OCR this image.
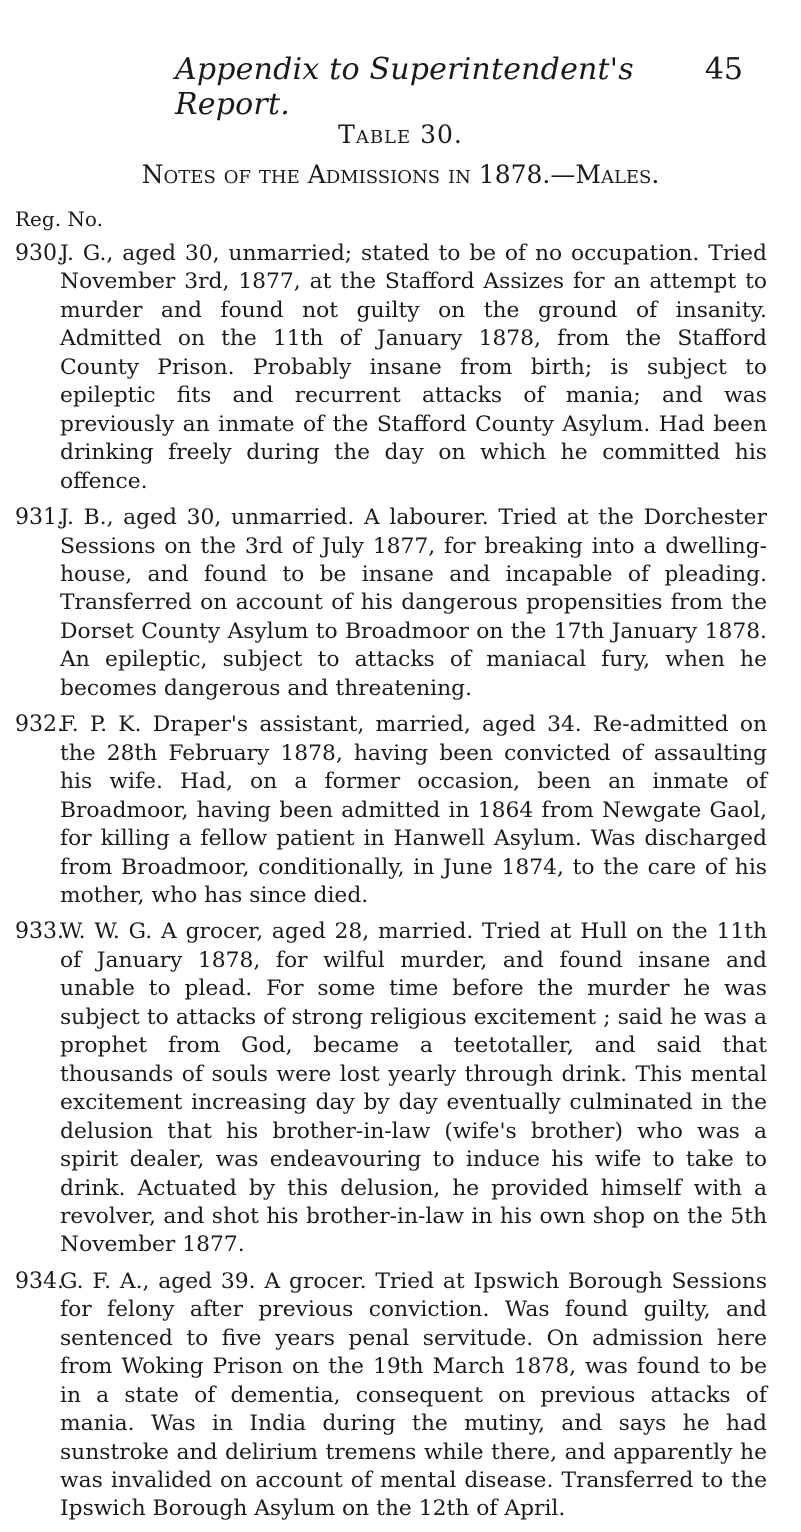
Appendix to Superintendent's Report.
45
Table 30.
Notes of the Admissions in 1878.—Males.
Reg. No.
930.
J. G., aged 30, unmarried; stated to be of no occupation. Tried November 3rd, 1877, at the Stafford Assizes for an attempt to murder and found not guilty on the ground of insanity. Admitted on the 11th of January 1878, from the Stafford County Prison. Probably insane from birth; is subject to epileptic fits and recurrent attacks of mania; and was previously an inmate of the Stafford County Asylum. Had been drinking freely during the day on which he committed his offence.
931.
J. B., aged 30, unmarried. A labourer. Tried at the Dorchester Sessions on the 3rd of July 1877, for breaking into a dwelling-house, and found to be insane and incapable of pleading. Transferred on account of his dangerous propensities from the Dorset County Asylum to Broadmoor on the 17th January 1878. An epileptic, subject to attacks of maniacal fury, when he becomes dangerous and threatening.
932.
F. P. K. Draper's assistant, married, aged 34. Re-admitted on the 28th February 1878, having been convicted of assaulting his wife. Had, on a former occasion, been an inmate of Broadmoor, having been admitted in 1864 from Newgate Gaol, for killing a fellow patient in Hanwell Asylum. Was discharged from Broadmoor, conditionally, in June 1874, to the care of his mother, who has since died.
933.
W. W. G. A grocer, aged 28, married. Tried at Hull on the 11th of January 1878, for wilful murder, and found insane and unable to plead. For some time before the murder he was subject to attacks of strong religious excitement ; said he was a prophet from God, became a teetotaller, and said that thousands of souls were lost yearly through drink. This mental excitement increasing day by day eventually culminated in the delusion that his brother-in-law (wife's brother) who was a spirit dealer, was endeavouring to induce his wife to take to drink. Actuated by this delusion, he provided himself with a revolver, and shot his brother-in-law in his own shop on the 5th November 1877.
934.
G. F. A., aged 39. A grocer. Tried at Ipswich Borough Sessions for felony after previous conviction. Was found guilty, and sentenced to five years penal servitude. On admission here from Woking Prison on the 19th March 1878, was found to be in a state of dementia, consequent on previous attacks of mania. Was in India during the mutiny, and says he had sunstroke and delirium tremens while there, and apparently he was invalided on account of mental disease. Transferred to the Ipswich Borough Asylum on the 12th of April.
